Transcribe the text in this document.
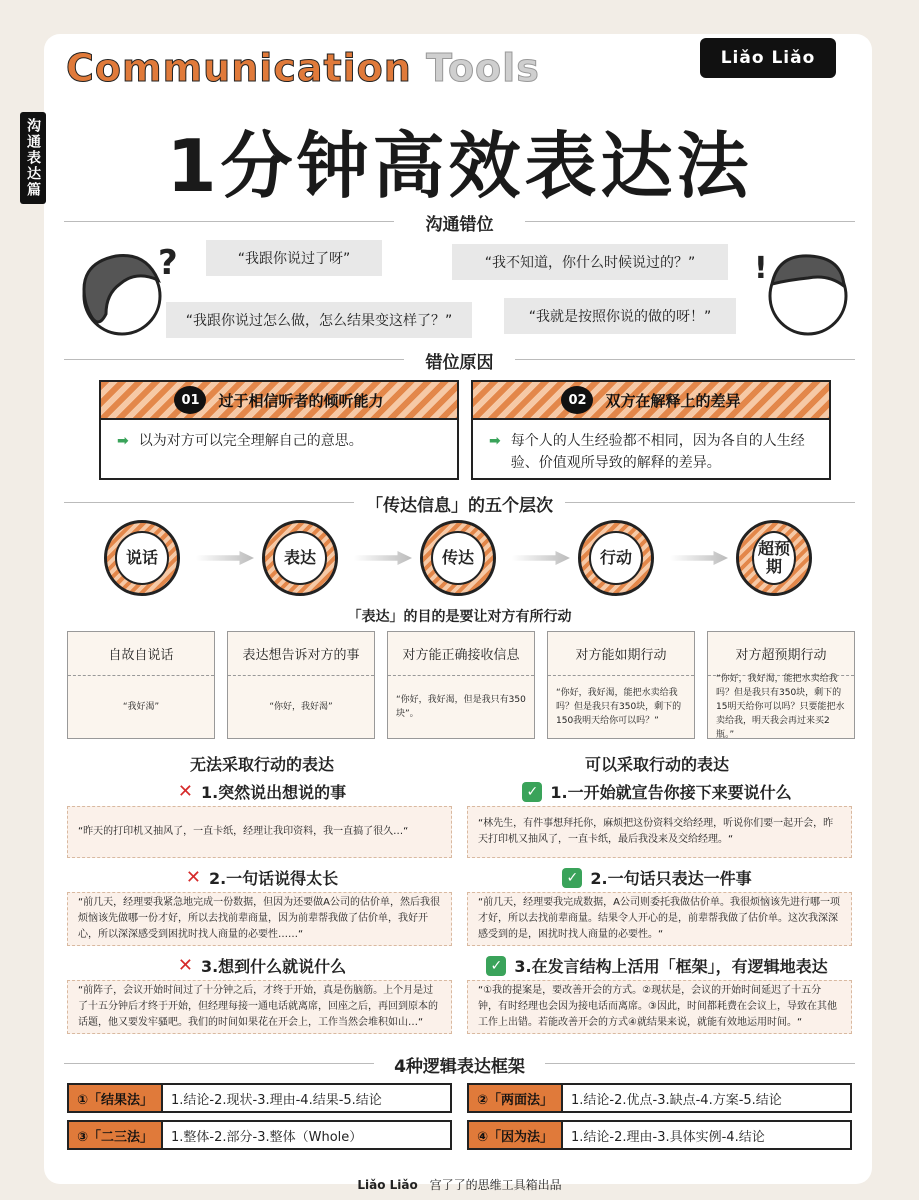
Communication Tools	Liǎo Liǎo
沟通表达篇	1分钟高效表达法
沟通错位
?	!
“我跟你说过了呀”	“我不知道，你什么时候说过的？”
“我跟你说过怎么做，怎么结果变这样了？”	“我就是按照你说的做的呀！”
错位原因
01	过于相信听者的倾听能力
➡ 以为对方可以完全理解自己的意思。
02	双方在解释上的差异
➡ 每个人的人生经验都不相同，因为各自的人生经验、价值观所导致的解释的差异。
「传达信息」的五个层次
说话	表达	传达	行动	超预期
「表达」的目的是要让对方有所行动
自故自说话
“我好渴”
表达想告诉对方的事
“你好，我好渴”
对方能正确接收信息
“你好，我好渴，但是我只有350块”。
对方能如期行动
“你好，我好渴，能把水卖给我吗？但是我只有350块，剩下的150我明天给你可以吗？”
对方超预期行动
“你好，我好渴，能把水卖给我吗？但是我只有350块，剩下的15明天给你可以吗？只要能把水卖给我，明天我会再过来买2瓶。”
无法采取行动的表达	可以采取行动的表达
✕ 1.突然说出想说的事
“昨天的打印机又抽风了，一直卡纸，经理让我印资料，我一直搞了很久…“
✓ 1.一开始就宣告你接下来要说什么
“林先生，有件事想拜托你，麻烦把这份资料交给经理，听说你们要一起开会，昨天打印机又抽风了，一直卡纸，最后我没来及交给经理。“
✕ 2.一句话说得太长
“前几天，经理要我紧急地完成一份数据，但因为还要做A公司的估价单，然后我很烦恼该先做哪一份才好，所以去找前辈商量，因为前辈帮我做了估价单，我好开心，所以深深感受到困扰时找人商量的必要性……“
✓ 2.一句话只表达一件事
“前几天，经理要我完成数据，A公司则委托我做估价单。我很烦恼该先进行哪一项才好，所以去找前辈商量。结果令人开心的是，前辈帮我做了估价单。这次我深深感受到的是，困扰时找人商量的必要性。“
✕ 3.想到什么就说什么
“前阵子，会议开始时间过了十分钟之后，才终于开始，真是伤脑筋。上个月是过了十五分钟后才终于开始，但经理每接一通电话就离席，回座之后，再回到原本的话题，他又要发牢骚吧。我们的时间如果花在开会上，工作当然会堆积如山…“
✓ 3.在发言结构上活用「框架」，有逻辑地表达
“①我的提案是，要改善开会的方式。②现状是，会议的开始时间延迟了十五分钟，有时经理也会因为接电话而离席。③因此，时间都耗费在会议上，导致在其他工作上出错。若能改善开会的方式④就结果来说，就能有效地运用时间。“
4种逻辑表达框架
①「结果法」	1.结论-2.现状-3.理由-4.结果-5.结论	②「两面法」	1.结论-2.优点-3.缺点-4.方案-5.结论
③「二三法」	1.整体-2.部分-3.整体（Whole）	④「因为法」	1.结论-2.理由-3.具体实例-4.结论
Liǎo Liǎo 宫了了的思维工具箱出品
